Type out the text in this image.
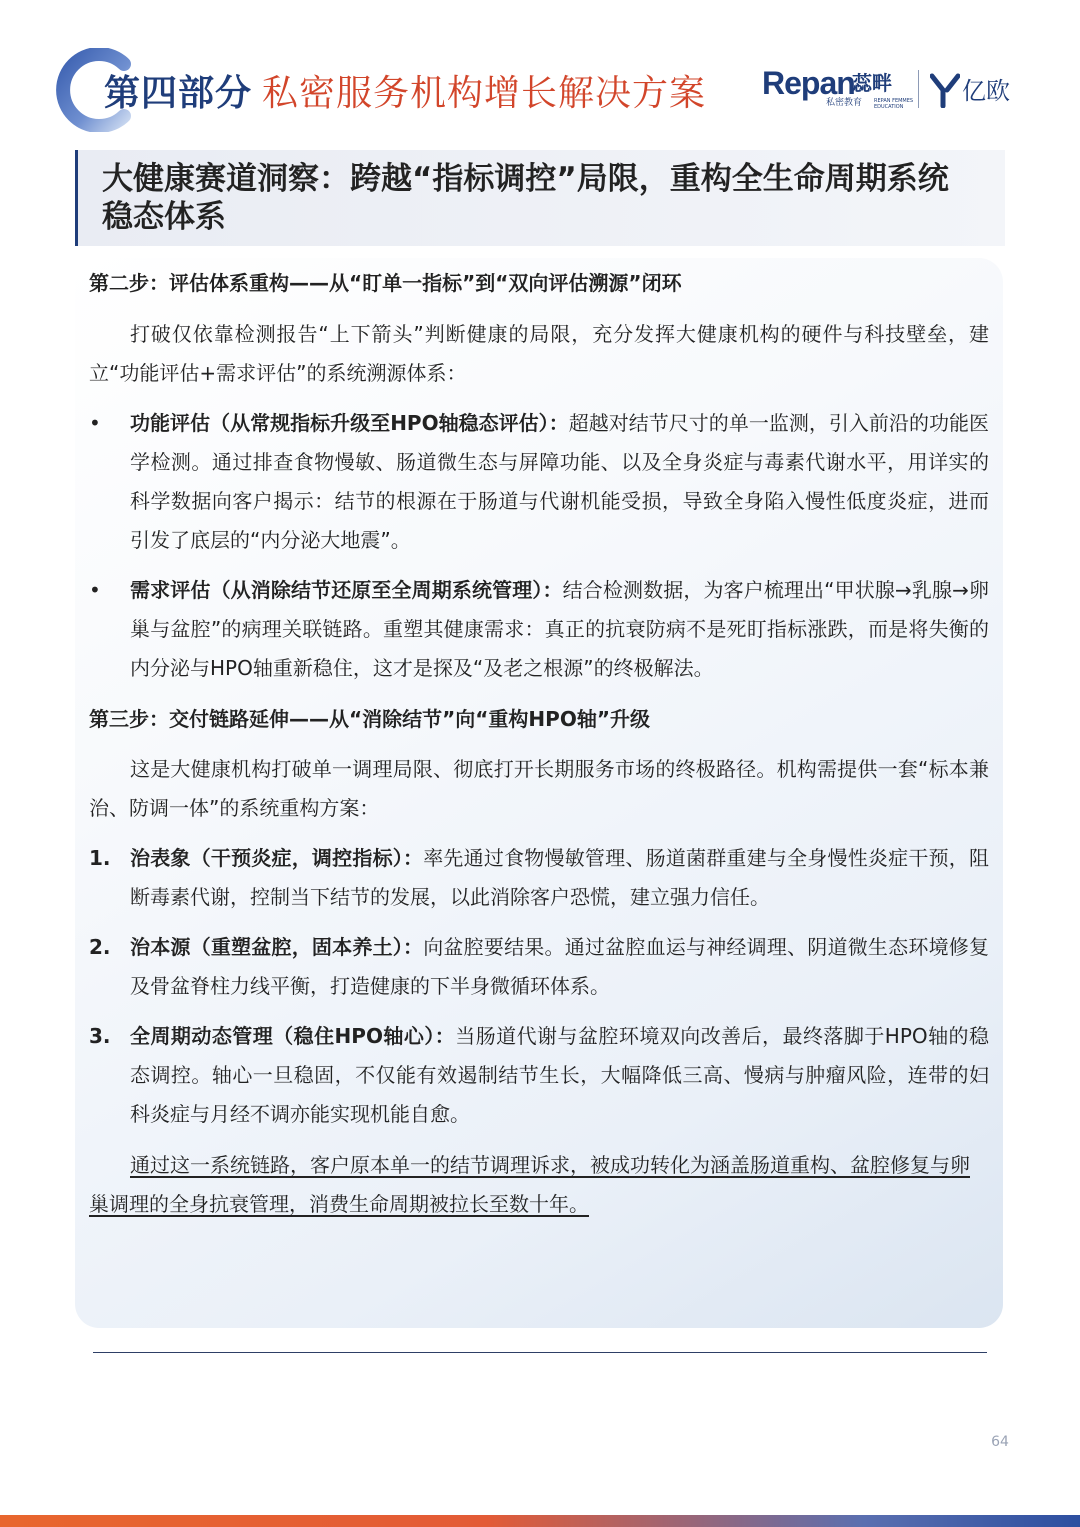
第四部分 私密服务机构增长解决方案 Repan
蕊畔
私密教育 REPAN FEMMES EDUCATION
亿欧
大健康赛道洞察：跨越“指标调控”局限，重构全生命周期系统稳态体系
第二步：评估体系重构——从“盯单一指标”到“双向评估溯源”闭环
打破仅依靠检测报告“上下箭头”判断健康的局限，充分发挥大健康机构的硬件与科技壁垒，建立“功能评估+需求评估”的系统溯源体系：
•	功能评估（从常规指标升级至HPO轴稳态评估）：超越对结节尺寸的单一监测，引入前沿的功能医学检测。通过排查食物慢敏、肠道微生态与屏障功能、以及全身炎症与毒素代谢水平，用详实的科学数据向客户揭示：结节的根源在于肠道与代谢机能受损，导致全身陷入慢性低度炎症，进而引发了底层的“内分泌大地震”。
•	需求评估（从消除结节还原至全周期系统管理）：结合检测数据，为客户梳理出“甲状腺→乳腺→卵巢与盆腔”的病理关联链路。重塑其健康需求：真正的抗衰防病不是死盯指标涨跌，而是将失衡的内分泌与HPO轴重新稳住，这才是探及“及老之根源”的终极解法。
第三步：交付链路延伸——从“消除结节”向“重构HPO轴”升级
这是大健康机构打破单一调理局限、彻底打开长期服务市场的终极路径。机构需提供一套“标本兼治、防调一体”的系统重构方案：
1. 治表象（干预炎症，调控指标）：率先通过食物慢敏管理、肠道菌群重建与全身慢性炎症干预，阻断毒素代谢，控制当下结节的发展，以此消除客户恐慌，建立强力信任。
2. 治本源（重塑盆腔，固本养土）：向盆腔要结果。通过盆腔血运与神经调理、阴道微生态环境修复及骨盆脊柱力线平衡，打造健康的下半身微循环体系。
3. 全周期动态管理（稳住HPO轴心）：当肠道代谢与盆腔环境双向改善后，最终落脚于HPO轴的稳态调控。轴心一旦稳固，不仅能有效遏制结节生长，大幅降低三高、慢病与肿瘤风险，连带的妇科炎症与月经不调亦能实现机能自愈。
通过这一系统链路，客户原本单一的结节调理诉求，被成功转化为涵盖肠道重构、盆腔修复与卵巢调理的全身抗衰管理，消费生命周期被拉长至数十年。
64
